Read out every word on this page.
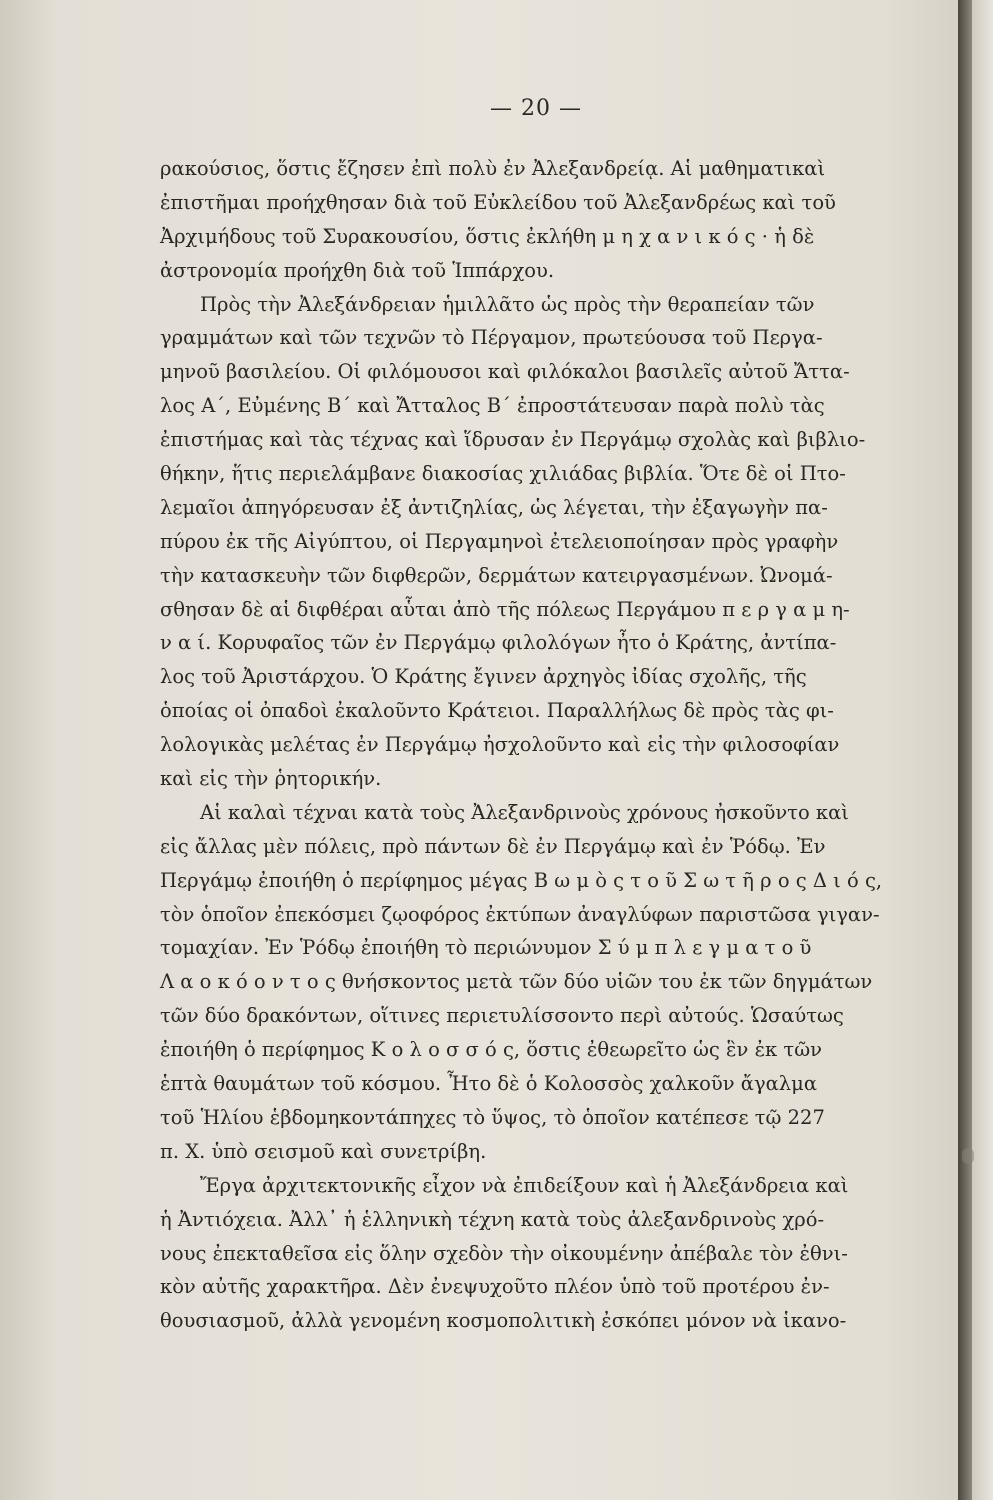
— 20 —
ρακούσιος, ὅστις ἔζησεν ἐπὶ πολὺ ἐν Ἀλεξανδρείᾳ. Αἱ μαθηματικαὶ
ἐπιστῆμαι προήχθησαν διὰ τοῦ Εὐκλείδου τοῦ Ἀλεξανδρέως καὶ τοῦ
Ἀρχιμήδους τοῦ Συρακουσίου, ὅστις ἐκλήθη μ η χ α ν ι κ ό ς · ἡ δὲ
ἀστρονομία προήχθη διὰ τοῦ Ἱππάρχου.
Πρὸς τὴν Ἀλεξάνδρειαν ἡμιλλᾶτο ὡς πρὸς τὴν θεραπείαν τῶν
γραμμάτων καὶ τῶν τεχνῶν τὸ Πέργαμον, πρωτεύουσα τοῦ Περγα-
μηνοῦ βασιλείου. Οἱ φιλόμουσοι καὶ φιλόκαλοι βασιλεῖς αὐτοῦ Ἄττα-
λος Α΄, Εὐμένης Β΄ καὶ Ἄτταλος Β΄ ἐπροστάτευσαν παρὰ πολὺ τὰς
ἐπιστήμας καὶ τὰς τέχνας καὶ ἵδρυσαν ἐν Περγάμῳ σχολὰς καὶ βιβλιο-
θήκην, ἥτις περιελάμβανε διακοσίας χιλιάδας βιβλία. Ὅτε δὲ οἱ Πτο-
λεμαῖοι ἀπηγόρευσαν ἐξ ἀντιζηλίας, ὡς λέγεται, τὴν ἐξαγωγὴν πα-
πύρου ἐκ τῆς Αἰγύπτου, οἱ Περγαμηνοὶ ἐτελειοποίησαν πρὸς γραφὴν
τὴν κατασκευὴν τῶν διφθερῶν, δερμάτων κατειργασμένων. Ὠνομά-
σθησαν δὲ αἱ διφθέραι αὗται ἀπὸ τῆς πόλεως Περγάμου π ε ρ γ α μ η-
ν α ί. Κορυφαῖος τῶν ἐν Περγάμῳ φιλολόγων ἦτο ὁ Κράτης, ἀντίπα-
λος τοῦ Ἀριστάρχου. Ὁ Κράτης ἔγινεν ἀρχηγὸς ἰδίας σχολῆς, τῆς
ὁποίας οἱ ὀπαδοὶ ἐκαλοῦντο Κράτειοι. Παραλλήλως δὲ πρὸς τὰς φι-
λολογικὰς μελέτας ἐν Περγάμῳ ἠσχολοῦντο καὶ εἰς τὴν φιλοσοφίαν
καὶ εἰς τὴν ῥητορικήν.
Αἱ καλαὶ τέχναι κατὰ τοὺς Ἀλεξανδρινοὺς χρόνους ἠσκοῦντο καὶ
εἰς ἄλλας μὲν πόλεις, πρὸ πάντων δὲ ἐν Περγάμῳ καὶ ἐν Ῥόδῳ. Ἐν
Περγάμῳ ἐποιήθη ὁ περίφημος μέγας Β ω μ ὸ ς τ ο ῦ Σ ω τ ῆ ρ ο ς Δ ι ό ς,
τὸν ὁποῖον ἐπεκόσμει ζῳοφόρος ἐκτύπων ἀναγλύφων παριστῶσα γιγαν-
τομαχίαν. Ἐν Ῥόδῳ ἐποιήθη τὸ περιώνυμον Σ ύ μ π λ ε γ μ α τ ο ῦ
Λ α ο κ ό ο ν τ ο ς θνήσκοντος μετὰ τῶν δύο υἱῶν του ἐκ τῶν δηγμάτων
τῶν δύο δρακόντων, οἵτινες περιετυλίσσοντο περὶ αὐτούς. Ὡσαύτως
ἐποιήθη ὁ περίφημος Κ ο λ ο σ σ ό ς, ὅστις ἐθεωρεῖτο ὡς ἓν ἐκ τῶν
ἑπτὰ θαυμάτων τοῦ κόσμου. Ἦτο δὲ ὁ Κολοσσὸς χαλκοῦν ἄγαλμα
τοῦ Ἡλίου ἑβδομηκοντάπηχες τὸ ὕψος, τὸ ὁποῖον κατέπεσε τῷ 227
π. Χ. ὑπὸ σεισμοῦ καὶ συνετρίβη.
Ἔργα ἀρχιτεκτονικῆς εἶχον νὰ ἐπιδείξουν καὶ ἡ Ἀλεξάνδρεια καὶ
ἡ Ἀντιόχεια. Ἀλλ᾽ ἡ ἑλληνικὴ τέχνη κατὰ τοὺς ἀλεξανδρινοὺς χρό-
νους ἐπεκταθεῖσα εἰς ὅλην σχεδὸν τὴν οἰκουμένην ἀπέβαλε τὸν ἐθνι-
κὸν αὐτῆς χαρακτῆρα. Δὲν ἐνεψυχοῦτο πλέον ὑπὸ τοῦ προτέρου ἐν-
θουσιασμοῦ, ἀλλὰ γενομένη κοσμοπολιτικὴ ἐσκόπει μόνον νὰ ἱκανο-
